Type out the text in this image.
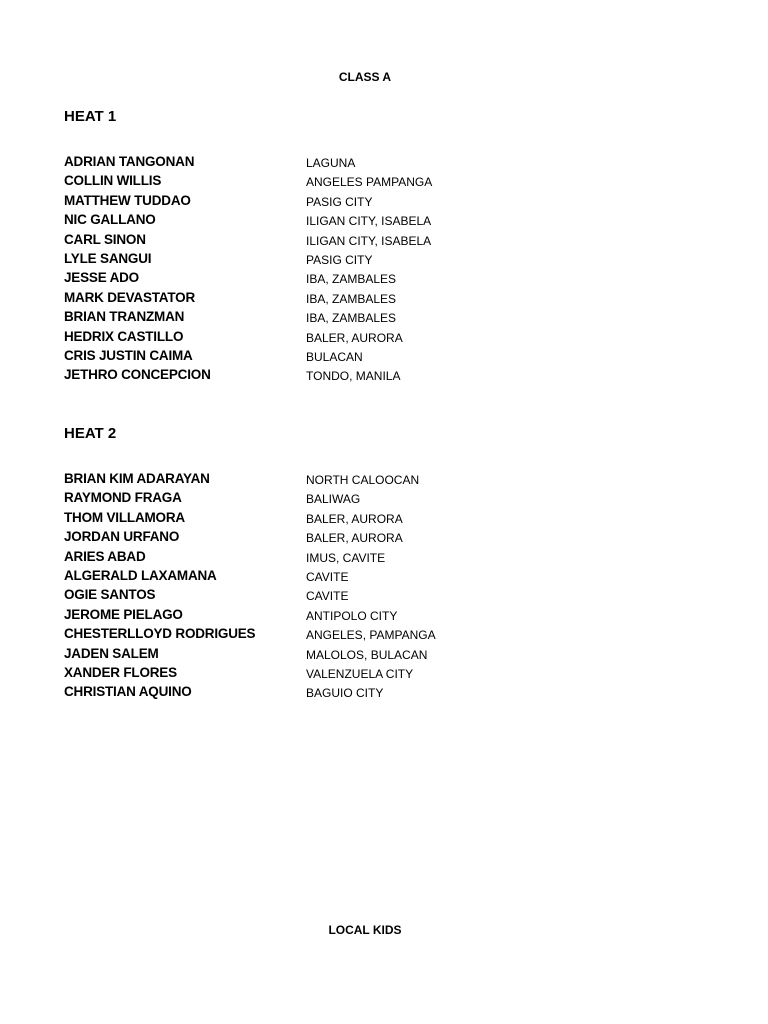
CLASS A
HEAT 1
ADRIAN TANGONAN	LAGUNA
COLLIN WILLIS	ANGELES PAMPANGA
MATTHEW TUDDAO	PASIG CITY
NIC GALLANO	ILIGAN CITY, ISABELA
CARL SINON	ILIGAN CITY, ISABELA
LYLE SANGUI	PASIG CITY
JESSE ADO	IBA, ZAMBALES
MARK DEVASTATOR	IBA, ZAMBALES
BRIAN TRANZMAN	IBA, ZAMBALES
HEDRIX CASTILLO	BALER, AURORA
CRIS JUSTIN CAIMA	BULACAN
JETHRO CONCEPCION	TONDO, MANILA
HEAT 2
BRIAN KIM ADARAYAN	NORTH CALOOCAN
RAYMOND FRAGA	BALIWAG
THOM VILLAMORA	BALER, AURORA
JORDAN URFANO	BALER, AURORA
ARIES ABAD	IMUS, CAVITE
ALGERALD LAXAMANA	CAVITE
OGIE SANTOS	CAVITE
JEROME PIELAGO	ANTIPOLO CITY
CHESTERLLOYD RODRIGUES	ANGELES, PAMPANGA
JADEN SALEM	MALOLOS, BULACAN
XANDER FLORES	VALENZUELA CITY
CHRISTIAN AQUINO	BAGUIO CITY
LOCAL KIDS
